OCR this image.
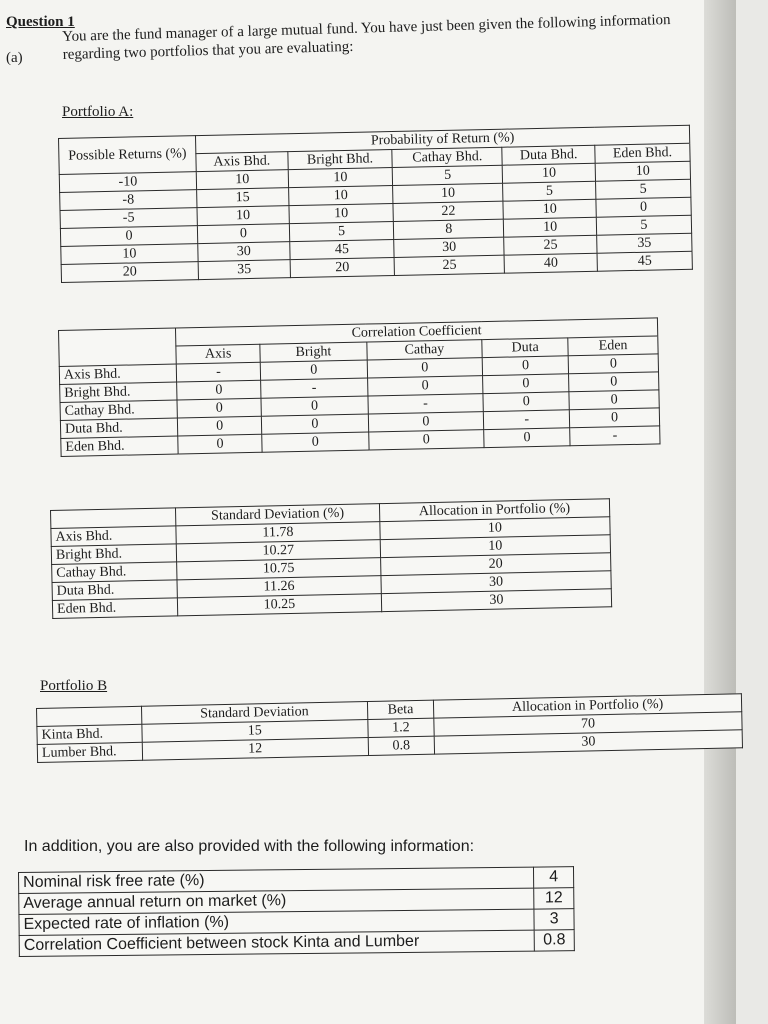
Question 1
(a)
You are the fund manager of a large mutual fund. You have just been given the following information regarding two portfolios that you are evaluating:
Portfolio A:
Possible Returns (%)	Probability of Return (%)				
	Axis Bhd.	Bright Bhd.	Cathay Bhd.	Duta Bhd.	Eden Bhd.
-10	10	10	5	10	10
-8	15	10	10	5	5
-5	10	10	22	10	0
0	0	5	8	10	5
10	30	45	30	25	35
20	35	20	25	40	45
	Correlation Coefficient				
	Axis	Bright	Cathay	Duta	Eden
Axis Bhd.	-	0	0	0	0
Bright Bhd.	0	-	0	0	0
Cathay Bhd.	0	0	-	0	0
Duta Bhd.	0	0	0	-	0
Eden Bhd.	0	0	0	0	-
	Standard Deviation (%)	Allocation in Portfolio (%)
Axis Bhd.	11.78	10
Bright Bhd.	10.27	10
Cathay Bhd.	10.75	20
Duta Bhd.	11.26	30
Eden Bhd.	10.25	30
Portfolio B
	Standard Deviation	Beta	Allocation in Portfolio (%)
Kinta Bhd.	15	1.2	70
Lumber Bhd.	12	0.8	30
In addition, you are also provided with the following information:
Nominal risk free rate (%)	4
Average annual return on market (%)	12
Expected rate of inflation (%)	3
Correlation Coefficient between stock Kinta and Lumber	0.8
